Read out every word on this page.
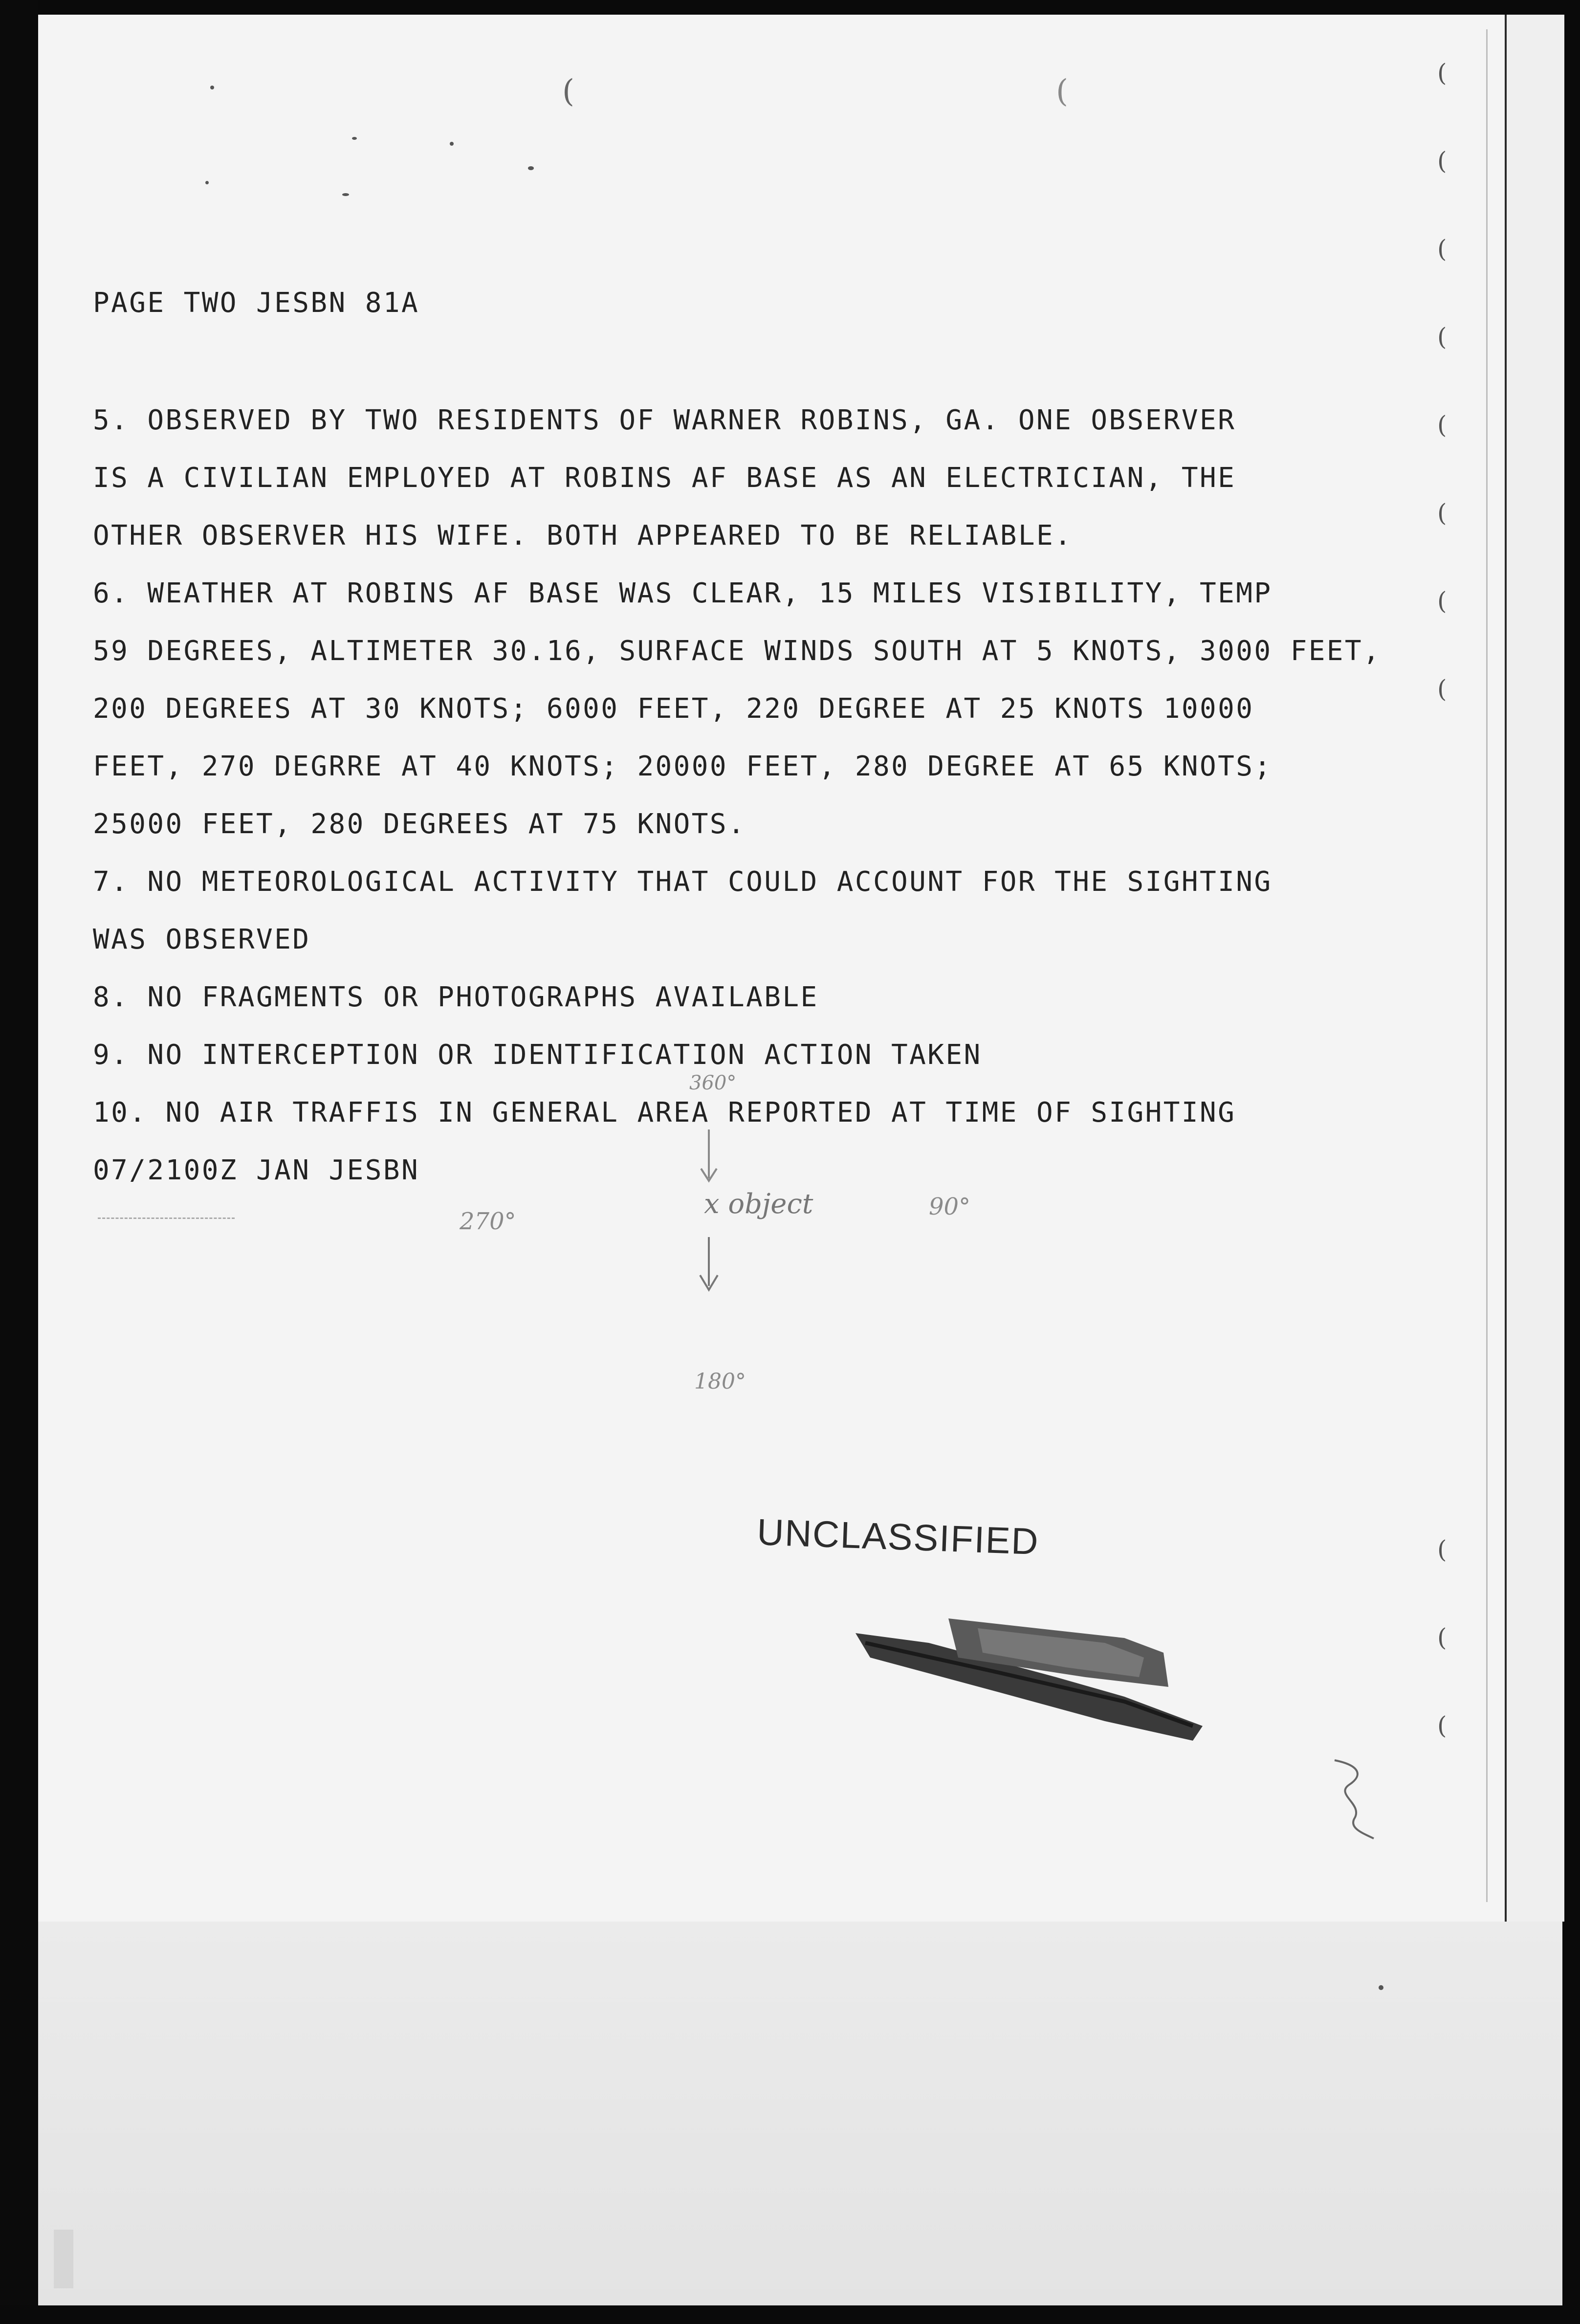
(
(
(
(
(
(
(
(
(
(
(
(	(
PAGE TWO JESBN 81A
5. OBSERVED BY TWO RESIDENTS OF WARNER ROBINS, GA. ONE OBSERVER
IS A CIVILIAN EMPLOYED AT ROBINS AF BASE AS AN ELECTRICIAN, THE
OTHER OBSERVER HIS WIFE. BOTH APPEARED TO BE RELIABLE.
6. WEATHER AT ROBINS AF BASE WAS CLEAR, 15 MILES VISIBILITY, TEMP
59 DEGREES, ALTIMETER 30.16, SURFACE WINDS SOUTH AT 5 KNOTS, 3000 FEET,
200 DEGREES AT 30 KNOTS; 6000 FEET, 220 DEGREE AT 25 KNOTS 10000
FEET, 270 DEGRRE AT 40 KNOTS; 20000 FEET, 280 DEGREE AT 65 KNOTS;
25000 FEET, 280 DEGREES AT 75 KNOTS.
7. NO METEOROLOGICAL ACTIVITY THAT COULD ACCOUNT FOR THE SIGHTING
WAS OBSERVED
8. NO FRAGMENTS OR PHOTOGRAPHS AVAILABLE
9. NO INTERCEPTION OR IDENTIFICATION ACTION TAKEN
10. NO AIR TRAFFIS IN GENERAL AREA REPORTED AT TIME OF SIGHTING
07/2100Z JAN JESBN
360°
270°
x object	90°
180°
UNCLASSIFIED
